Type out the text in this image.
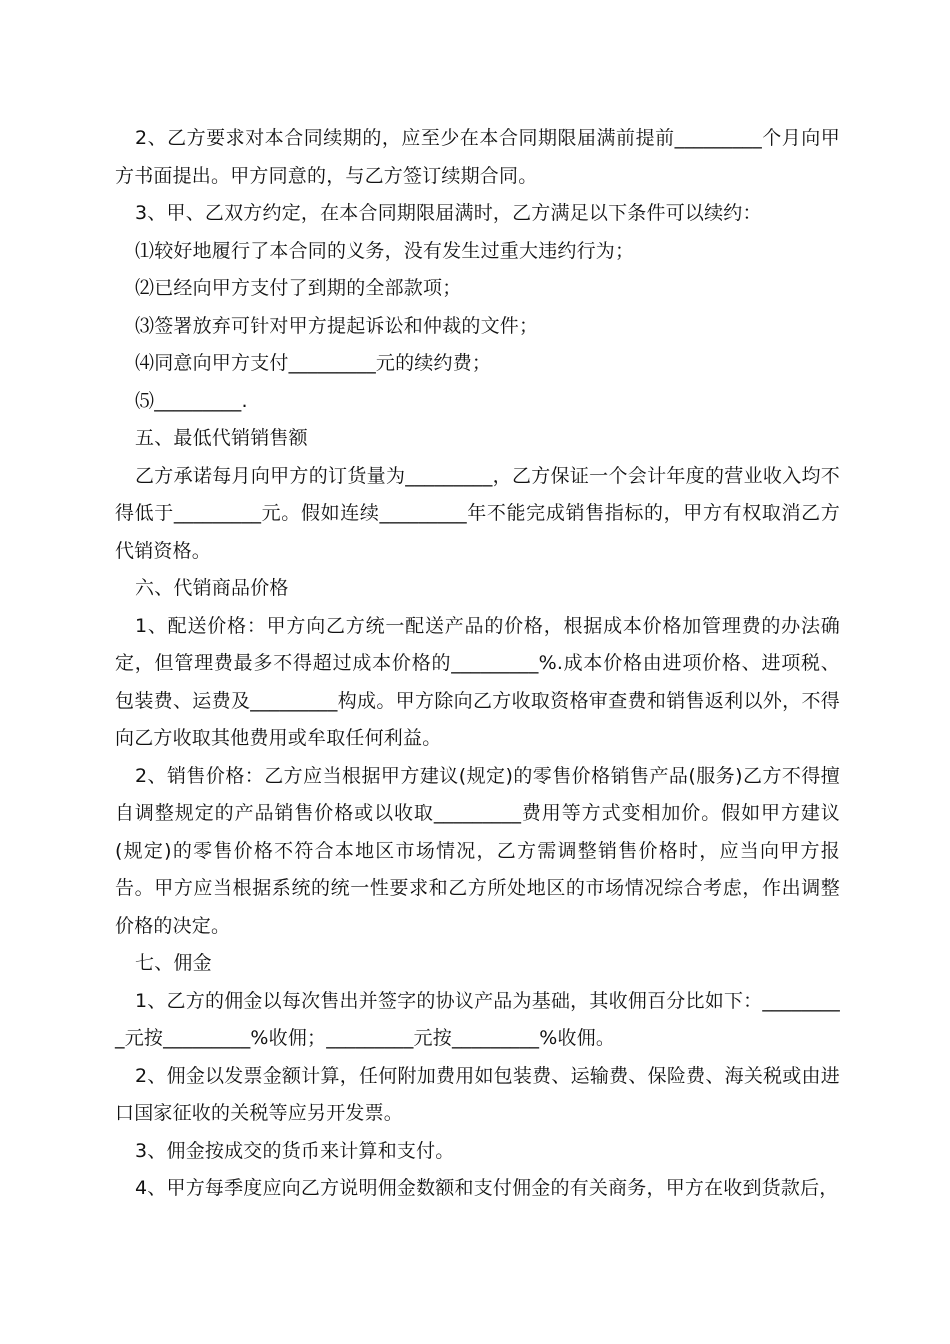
2、乙方要求对本合同续期的，应至少在本合同期限届满前提前_________个月向甲方书面提出。甲方同意的，与乙方签订续期合同。

3、甲、乙双方约定，在本合同期限届满时，乙方满足以下条件可以续约：

⑴较好地履行了本合同的义务，没有发生过重大违约行为；

⑵已经向甲方支付了到期的全部款项；

⑶签署放弃可针对甲方提起诉讼和仲裁的文件；

⑷同意向甲方支付_________元的续约费；

⑸_________.

五、最低代销销售额

乙方承诺每月向甲方的订货量为_________，乙方保证一个会计年度的营业收入均不得低于_________元。假如连续_________年不能完成销售指标的，甲方有权取消乙方代销资格。

六、代销商品价格

1、配送价格：甲方向乙方统一配送产品的价格，根据成本价格加管理费的办法确定，但管理费最多不得超过成本价格的_________%.成本价格由进项价格、进项税、包装费、运费及_________构成。甲方除向乙方收取资格审查费和销售返利以外，不得向乙方收取其他费用或牟取任何利益。

2、销售价格：乙方应当根据甲方建议(规定)的零售价格销售产品(服务)乙方不得擅自调整规定的产品销售价格或以收取_________费用等方式变相加价。假如甲方建议(规定)的零售价格不符合本地区市场情况，乙方需调整销售价格时，应当向甲方报告。甲方应当根据系统的统一性要求和乙方所处地区的市场情况综合考虑，作出调整价格的决定。

七、佣金

1、乙方的佣金以每次售出并签字的协议产品为基础，其收佣百分比如下：_________元按_________%收佣；_________元按_________%收佣。

2、佣金以发票金额计算，任何附加费用如包装费、运输费、保险费、海关税或由进口国家征收的关税等应另开发票。

3、佣金按成交的货币来计算和支付。

4、甲方每季度应向乙方说明佣金数额和支付佣金的有关商务，甲方在收到货款后，
